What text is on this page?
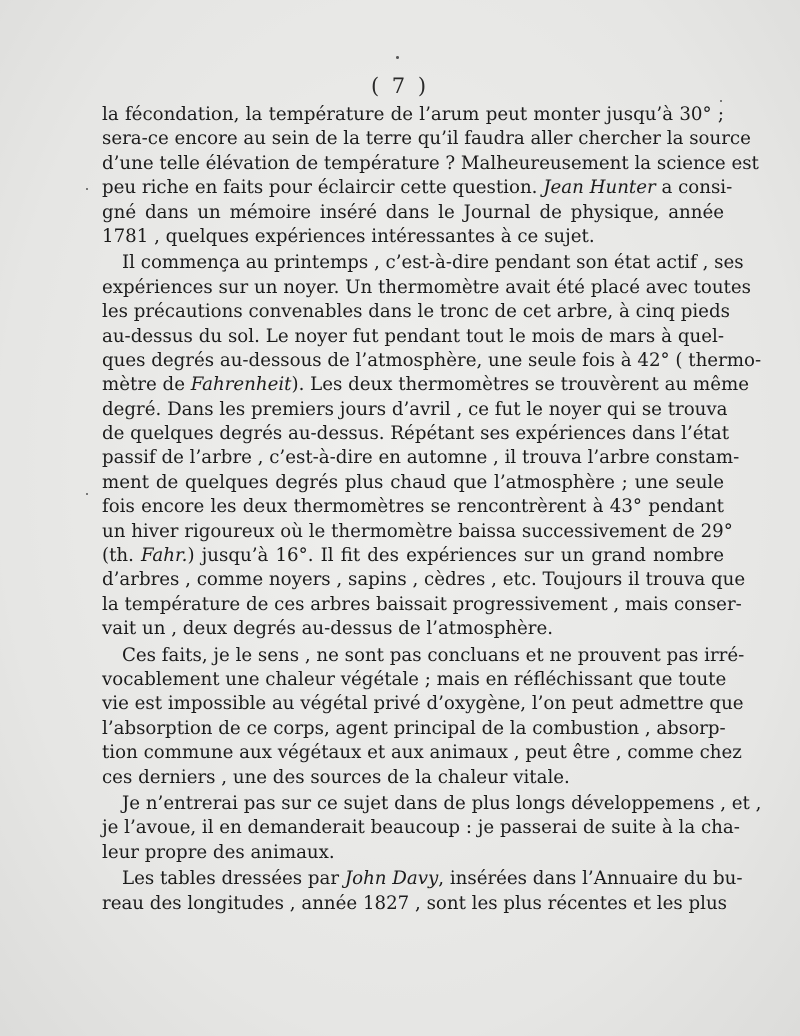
( 7 )
la fécondation, la température de l’arum peut monter jusqu’à 30° ;
sera-ce encore au sein de la terre qu’il faudra aller chercher la source
d’une telle élévation de température ? Malheureusement la science est
peu riche en faits pour éclaircir cette question. Jean Hunter a consi-
gné dans un mémoire inséré dans le Journal de physique, année
1781 , quelques expériences intéressantes à ce sujet.
Il commença au printemps , c’est-à-dire pendant son état actif , ses
expériences sur un noyer. Un thermomètre avait été placé avec toutes
les précautions convenables dans le tronc de cet arbre, à cinq pieds
au-dessus du sol. Le noyer fut pendant tout le mois de mars à quel-
ques degrés au-dessous de l’atmosphère, une seule fois à 42° ( thermo-
mètre de Fahrenheit). Les deux thermomètres se trouvèrent au même
degré. Dans les premiers jours d’avril , ce fut le noyer qui se trouva
de quelques degrés au-dessus. Répétant ses expériences dans l’état
passif de l’arbre , c’est-à-dire en automne , il trouva l’arbre constam-
ment de quelques degrés plus chaud que l’atmosphère ; une seule
fois encore les deux thermomètres se rencontrèrent à 43° pendant
un hiver rigoureux où le thermomètre baissa successivement de 29°
(th. Fahr.) jusqu’à 16°. Il fit des expériences sur un grand nombre
d’arbres , comme noyers , sapins , cèdres , etc. Toujours il trouva que
la température de ces arbres baissait progressivement , mais conser-
vait un , deux degrés au-dessus de l’atmosphère.
Ces faits, je le sens , ne sont pas concluans et ne prouvent pas irré-
vocablement une chaleur végétale ; mais en réfléchissant que toute
vie est impossible au végétal privé d’oxygène, l’on peut admettre que
l’absorption de ce corps, agent principal de la combustion , absorp-
tion commune aux végétaux et aux animaux , peut être , comme chez
ces derniers , une des sources de la chaleur vitale.
Je n’entrerai pas sur ce sujet dans de plus longs développemens , et ,
je l’avoue, il en demanderait beaucoup : je passerai de suite à la cha-
leur propre des animaux.
Les tables dressées par John Davy, insérées dans l’Annuaire du bu-
reau des longitudes , année 1827 , sont les plus récentes et les plus
